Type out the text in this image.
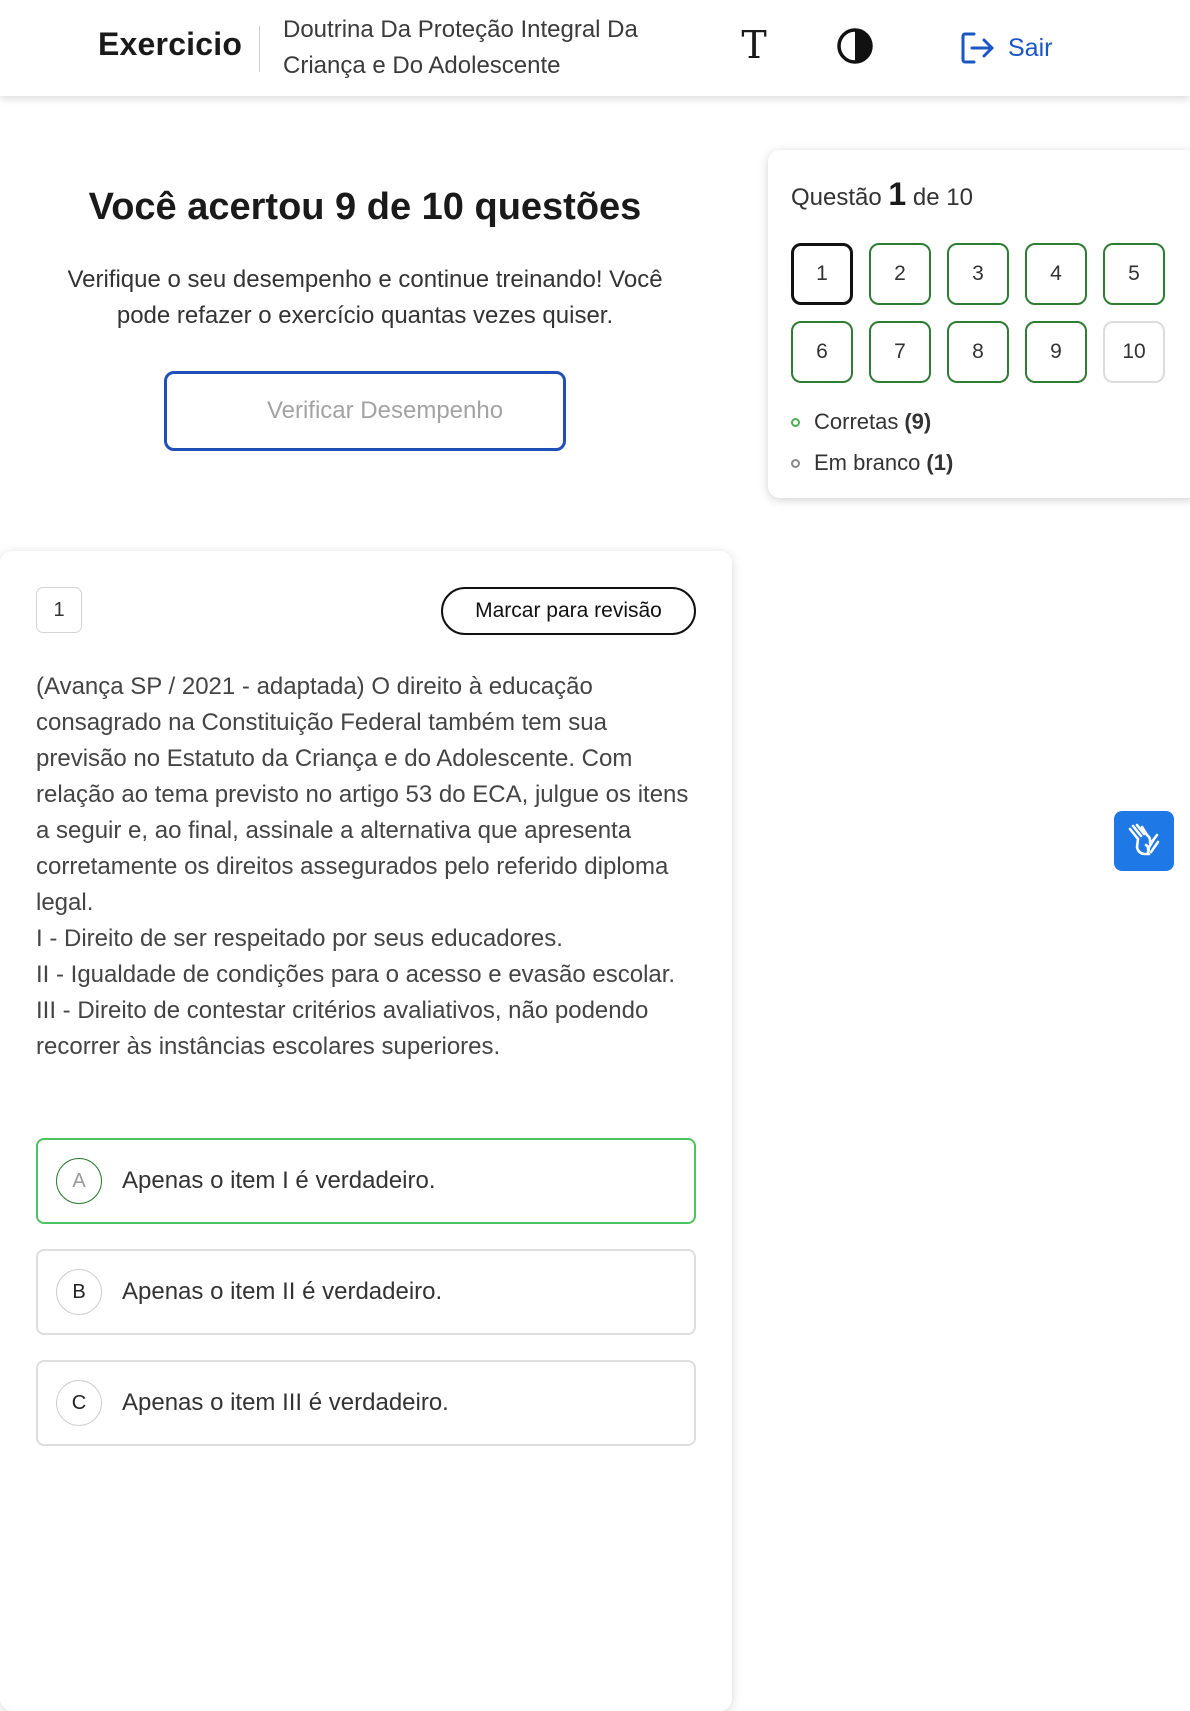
Exercicio Doutrina Da Proteção Integral Da
Criança e Do Adolescente	T	Sair
Você acertou 9 de 10 questões
Verifique o seu desempenho e continue treinando! Você pode refazer o exercício quantas vezes quiser.
Verificar Desempenho
Questão 1 de 10
1	2	3	4	5
6	7	8	9	10
Corretas (9)
Em branco (1)
1	Marcar para revisão

(Avança SP / 2021 - adaptada) O direito à educação consagrado na Constituição Federal também tem sua previsão no Estatuto da Criança e do Adolescente. Com relação ao tema previsto no artigo 53 do ECA, julgue os itens a seguir e, ao final, assinale a alternativa que apresenta corretamente os direitos assegurados pelo referido diploma legal.

I - Direito de ser respeitado por seus educadores.

II - Igualdade de condições para o acesso e evasão escolar.

III - Direito de contestar critérios avaliativos, não podendo recorrer às instâncias escolares superiores.

A	Apenas o item I é verdadeiro.
B	Apenas o item II é verdadeiro.
C	Apenas o item III é verdadeiro.
